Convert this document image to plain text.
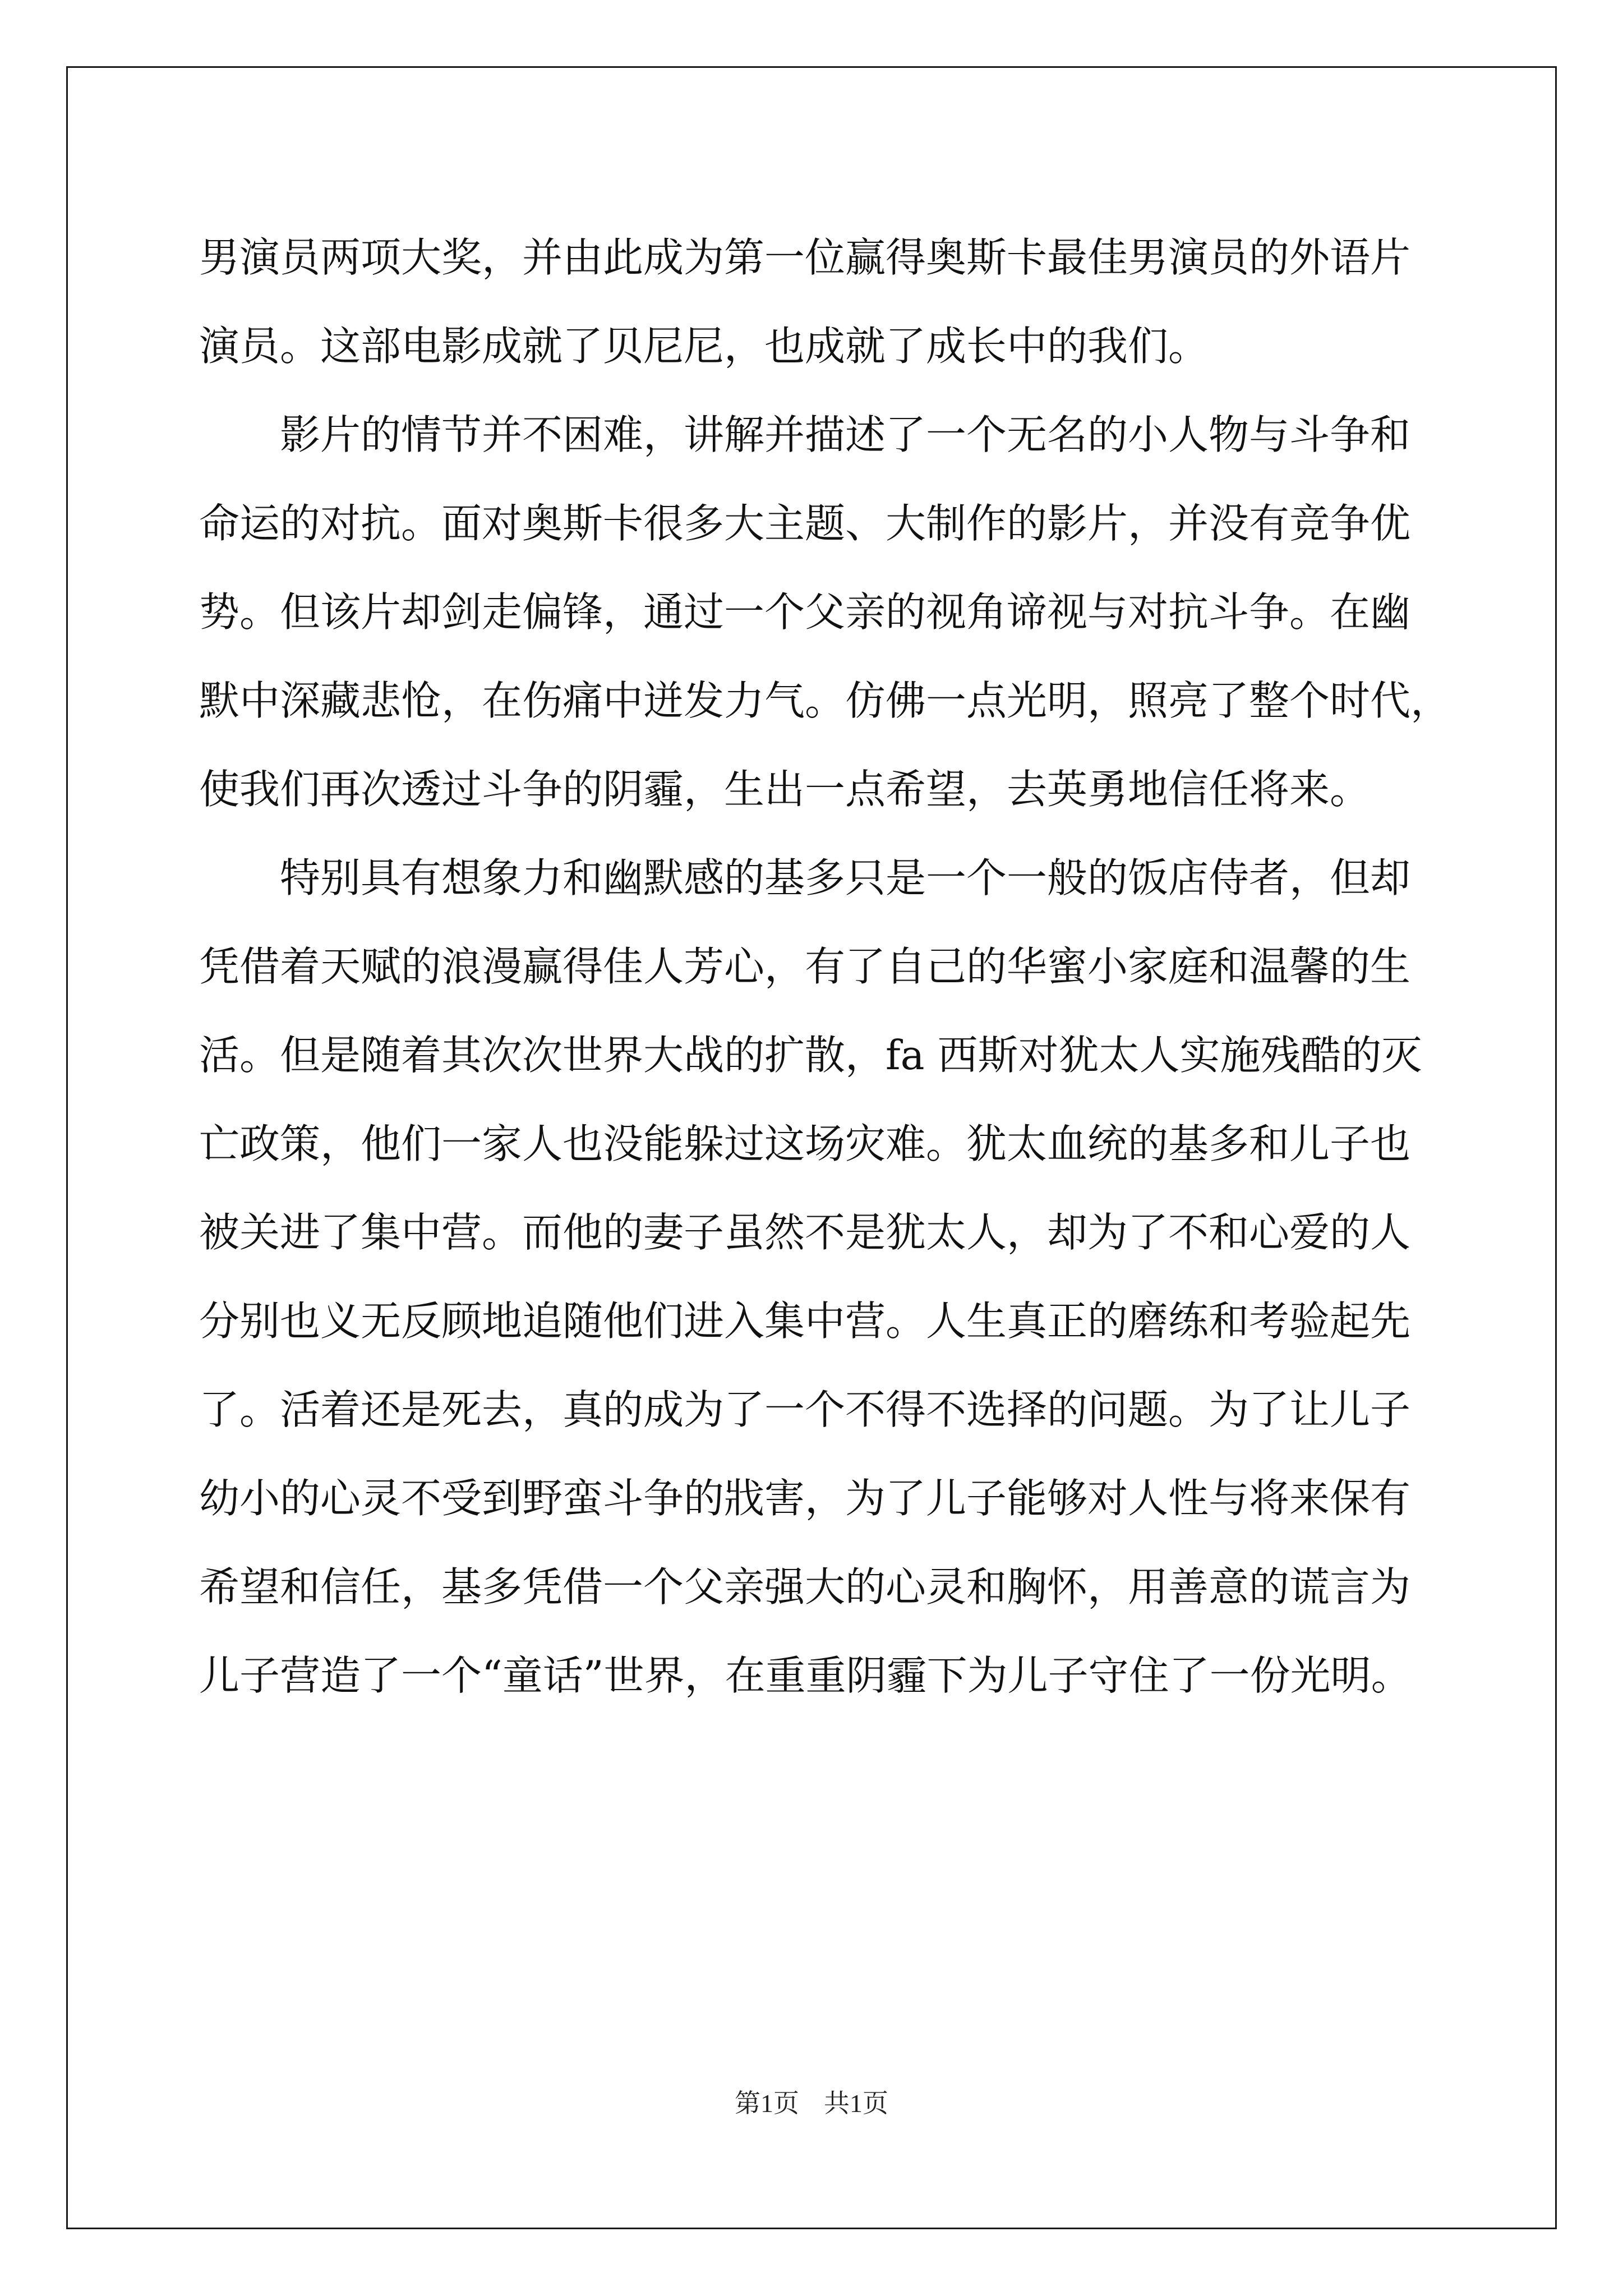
男演员两项大奖，并由此成为第一位赢得奥斯卡最佳男演员的外语片
演员。这部电影成就了贝尼尼，也成就了成长中的我们。
　　影片的情节并不困难，讲解并描述了一个无名的小人物与斗争和
命运的对抗。面对奥斯卡很多大主题、大制作的影片，并没有竞争优
势。但该片却剑走偏锋，通过一个父亲的视角谛视与对抗斗争。在幽
默中深藏悲怆，在伤痛中迸发力气。仿佛一点光明，照亮了整个时代，
使我们再次透过斗争的阴霾，生出一点希望，去英勇地信任将来。
　　特别具有想象力和幽默感的基多只是一个一般的饭店侍者，但却
凭借着天赋的浪漫赢得佳人芳心，有了自己的华蜜小家庭和温馨的生
活。但是随着其次次世界大战的扩散，fa 西斯对犹太人实施残酷的灭
亡政策，他们一家人也没能躲过这场灾难。犹太血统的基多和儿子也
被关进了集中营。而他的妻子虽然不是犹太人，却为了不和心爱的人
分别也义无反顾地追随他们进入集中营。人生真正的磨练和考验起先
了。活着还是死去，真的成为了一个不得不选择的问题。为了让儿子
幼小的心灵不受到野蛮斗争的戕害，为了儿子能够对人性与将来保有
希望和信任，基多凭借一个父亲强大的心灵和胸怀，用善意的谎言为
儿子营造了一个“童话”世界，在重重阴霾下为儿子守住了一份光明。
第1页 共1页
